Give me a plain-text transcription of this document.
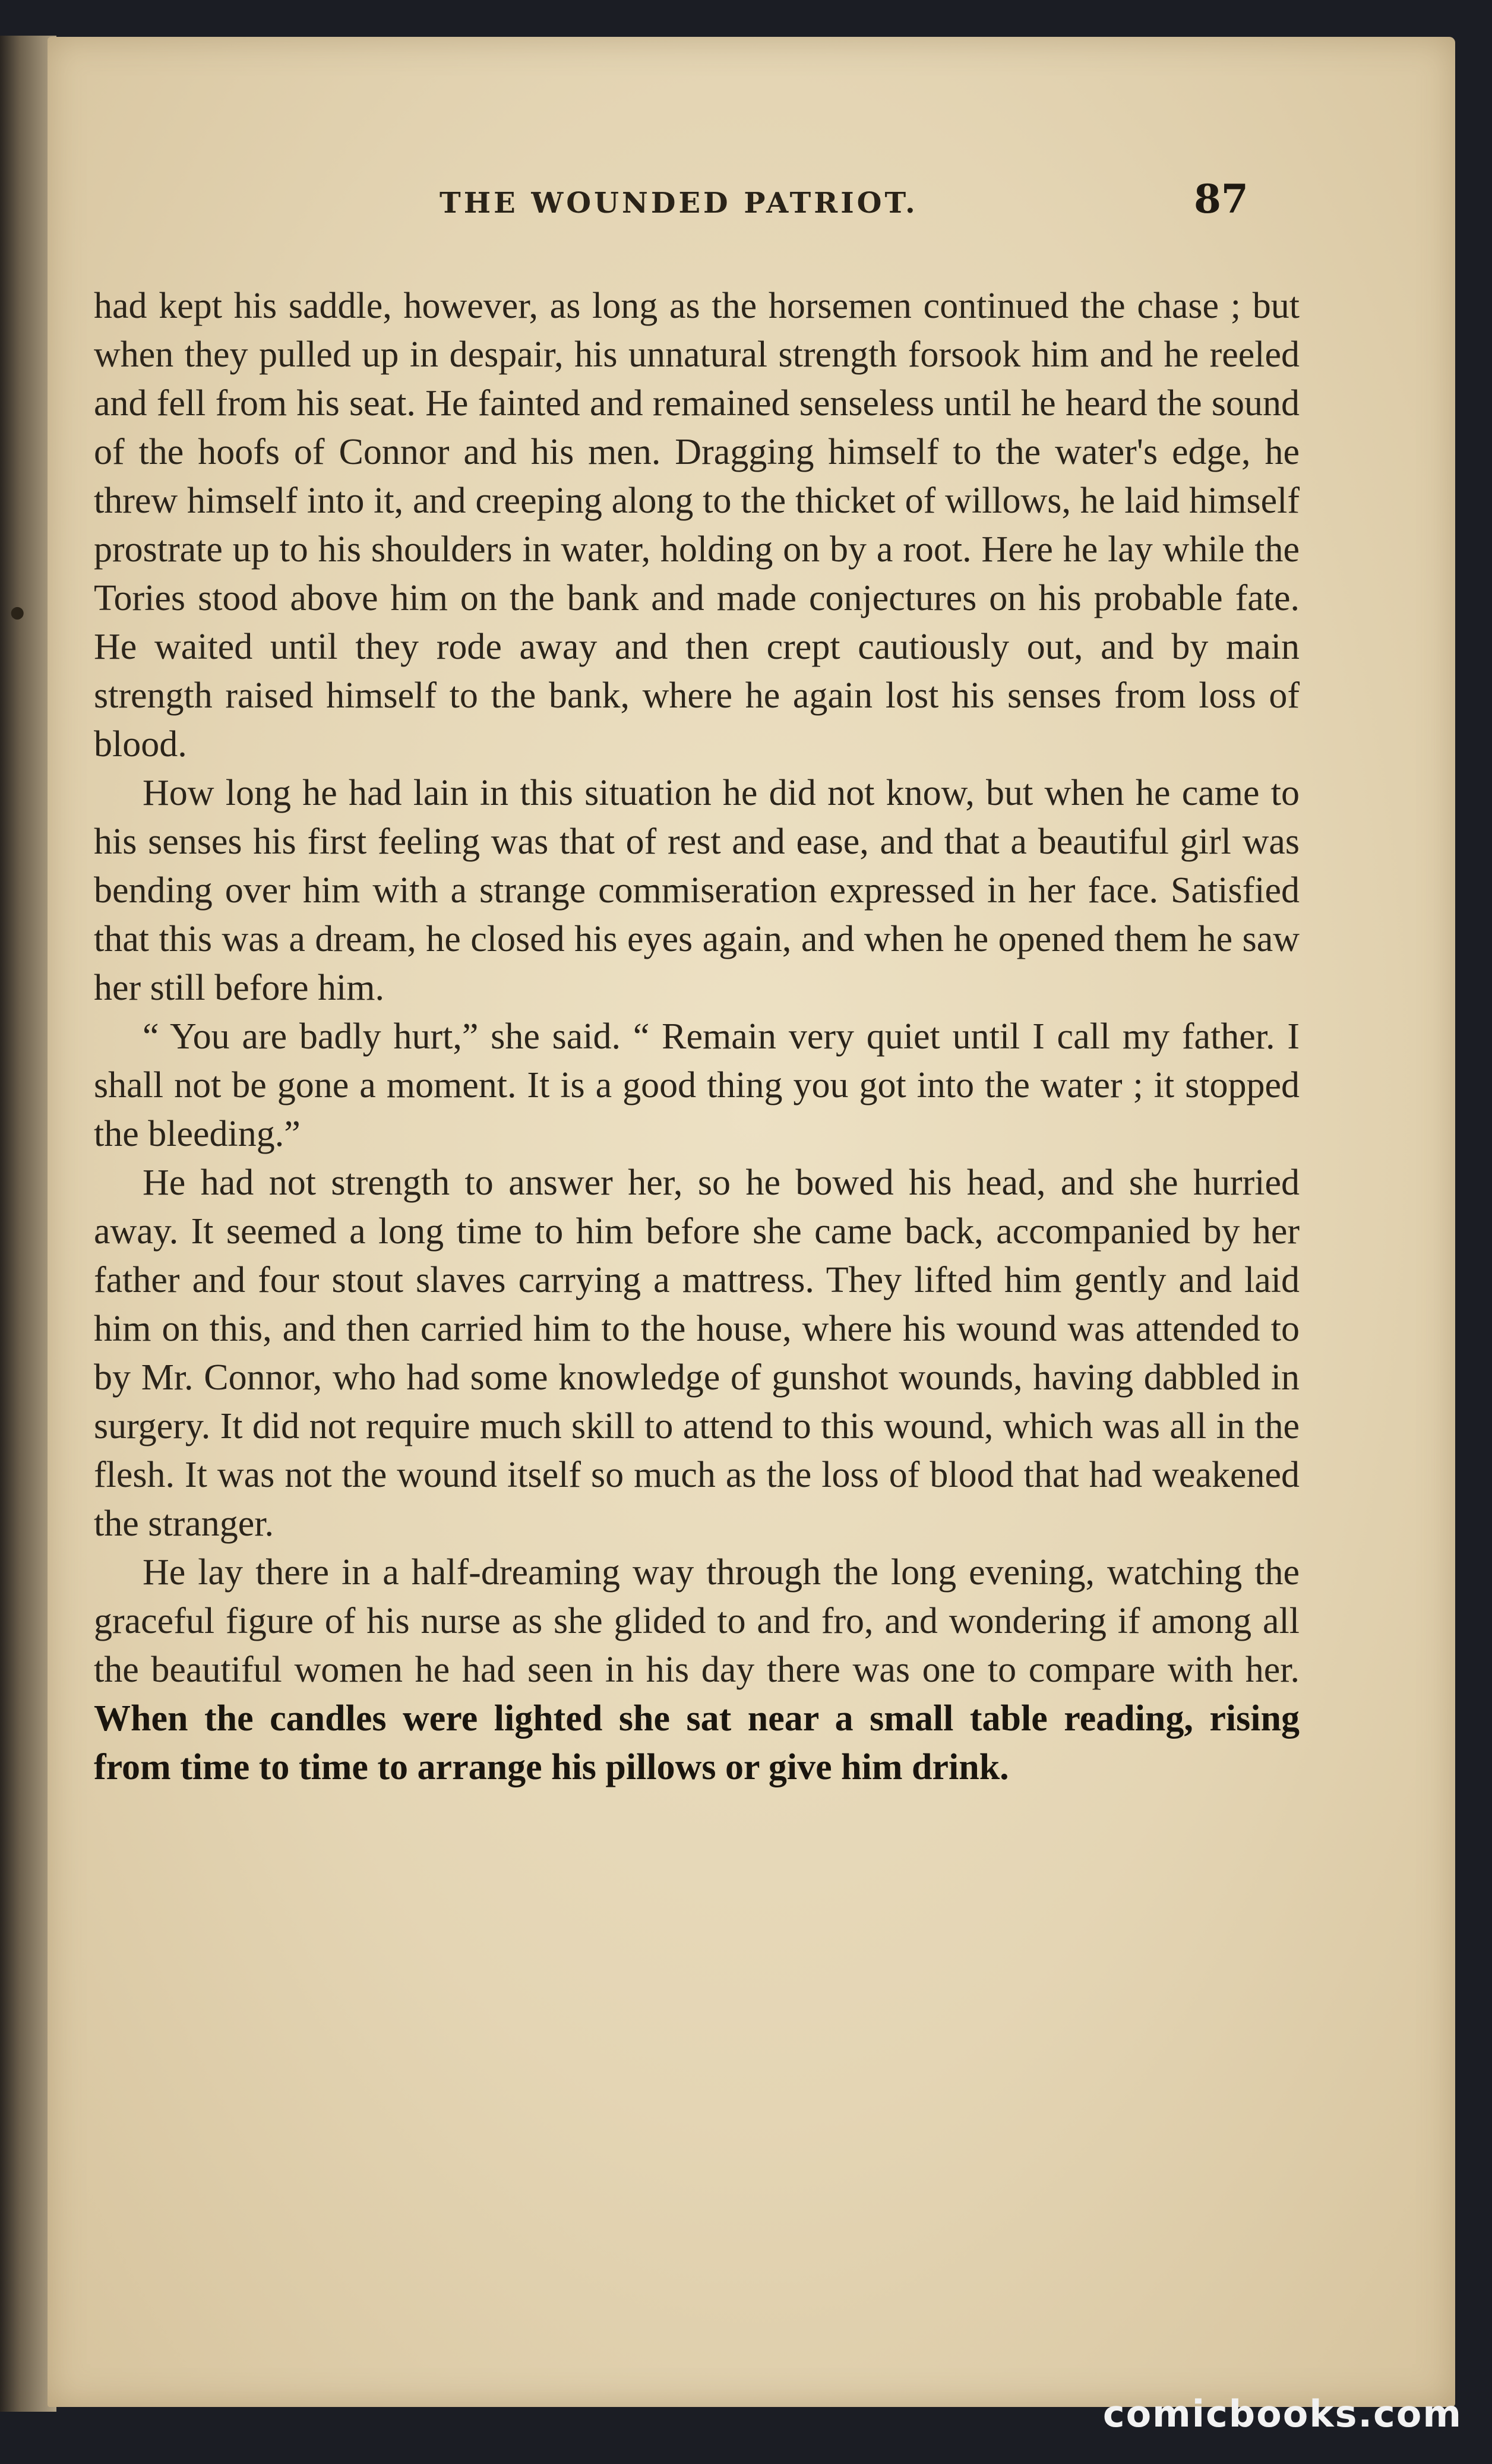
•
THE WOUNDED PATRIOT.	87

had kept his saddle, however, as long as the horsemen continued the chase ; but when they pulled up in despair, his unnatural strength forsook him and he reeled and fell from his seat. He fainted and remained senseless until he heard the sound of the hoofs of Connor and his men. Dragging himself to the water's edge, he threw himself into it, and creeping along to the thicket of willows, he laid himself prostrate up to his shoulders in water, holding on by a root. Here he lay while the Tories stood above him on the bank and made conjectures on his probable fate. He waited until they rode away and then crept cautiously out, and by main strength raised himself to the bank, where he again lost his senses from loss of blood.

How long he had lain in this situation he did not know, but when he came to his senses his first feeling was that of rest and ease, and that a beautiful girl was bending over him with a strange commiseration expressed in her face. Satisfied that this was a dream, he closed his eyes again, and when he opened them he saw her still before him.

“ You are badly hurt,” she said. “ Remain very quiet until I call my father. I shall not be gone a moment. It is a good thing you got into the water ; it stopped the bleeding.”

He had not strength to answer her, so he bowed his head, and she hurried away. It seemed a long time to him before she came back, accompanied by her father and four stout slaves carrying a mattress. They lifted him gently and laid him on this, and then carried him to the house, where his wound was attended to by Mr. Connor, who had some knowledge of gunshot wounds, having dabbled in surgery. It did not require much skill to attend to this wound, which was all in the flesh. It was not the wound itself so much as the loss of blood that had weakened the stranger.

He lay there in a half-dreaming way through the long evening, watching the graceful figure of his nurse as she glided to and fro, and wondering if among all the beautiful women he had seen in his day there was one to compare with her. When the candles were lighted she sat near a small table reading, rising from time to time to arrange his pillows or give him drink.

comicbooks.com
